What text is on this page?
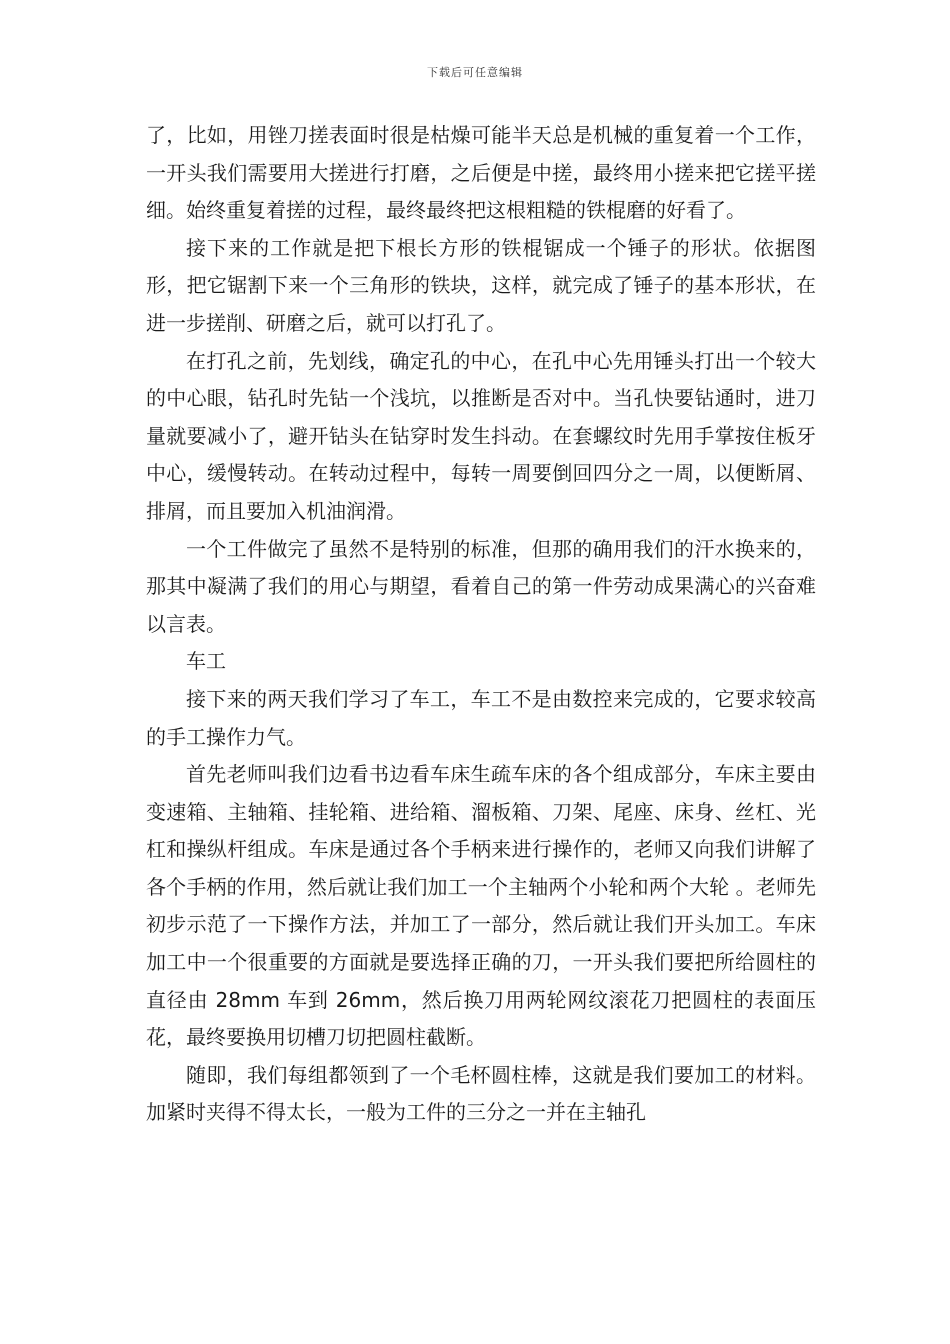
下载后可任意编辑

了，比如，用锉刀搓表面时很是枯燥可能半天总是机械的重复着一个工作，一开头我们需要用大搓进行打磨，之后便是中搓，最终用小搓来把它搓平搓细。始终重复着搓的过程，最终最终把这根粗糙的铁棍磨的好看了。

接下来的工作就是把下根长方形的铁棍锯成一个锤子的形状。依据图形，把它锯割下来一个三角形的铁块，这样，就完成了锤子的基本形状，在进一步搓削、研磨之后，就可以打孔了。

在打孔之前，先划线，确定孔的中心，在孔中心先用锤头打出一个较大的中心眼，钻孔时先钻一个浅坑，以推断是否对中。当孔快要钻通时，进刀量就要减小了，避开钻头在钻穿时发生抖动。在套螺纹时先用手掌按住板牙中心，缓慢转动。在转动过程中，每转一周要倒回四分之一周，以便断屑、排屑，而且要加入机油润滑。

一个工件做完了虽然不是特别的标准，但那的确用我们的汗水换来的，那其中凝满了我们的用心与期望，看着自己的第一件劳动成果满心的兴奋难以言表。

车工

接下来的两天我们学习了车工，车工不是由数控来完成的，它要求较高的手工操作力气。

首先老师叫我们边看书边看车床生疏车床的各个组成部分，车床主要由变速箱、主轴箱、挂轮箱、进给箱、溜板箱、刀架、尾座、床身、丝杠、光杠和操纵杆组成。车床是通过各个手柄来进行操作的，老师又向我们讲解了各个手柄的作用，然后就让我们加工一个主轴两个小轮和两个大轮 。老师先初步示范了一下操作方法，并加工了一部分，然后就让我们开头加工。车床加工中一个很重要的方面就是要选择正确的刀，一开头我们要把所给圆柱的直径由 28mm 车到 26mm，然后换刀用两轮网纹滚花刀把圆柱的表面压花，最终要换用切槽刀切把圆柱截断。

随即，我们每组都领到了一个毛杯圆柱棒，这就是我们要加工的材料。加紧时夹得不得太长，一般为工件的三分之一并在主轴孔
